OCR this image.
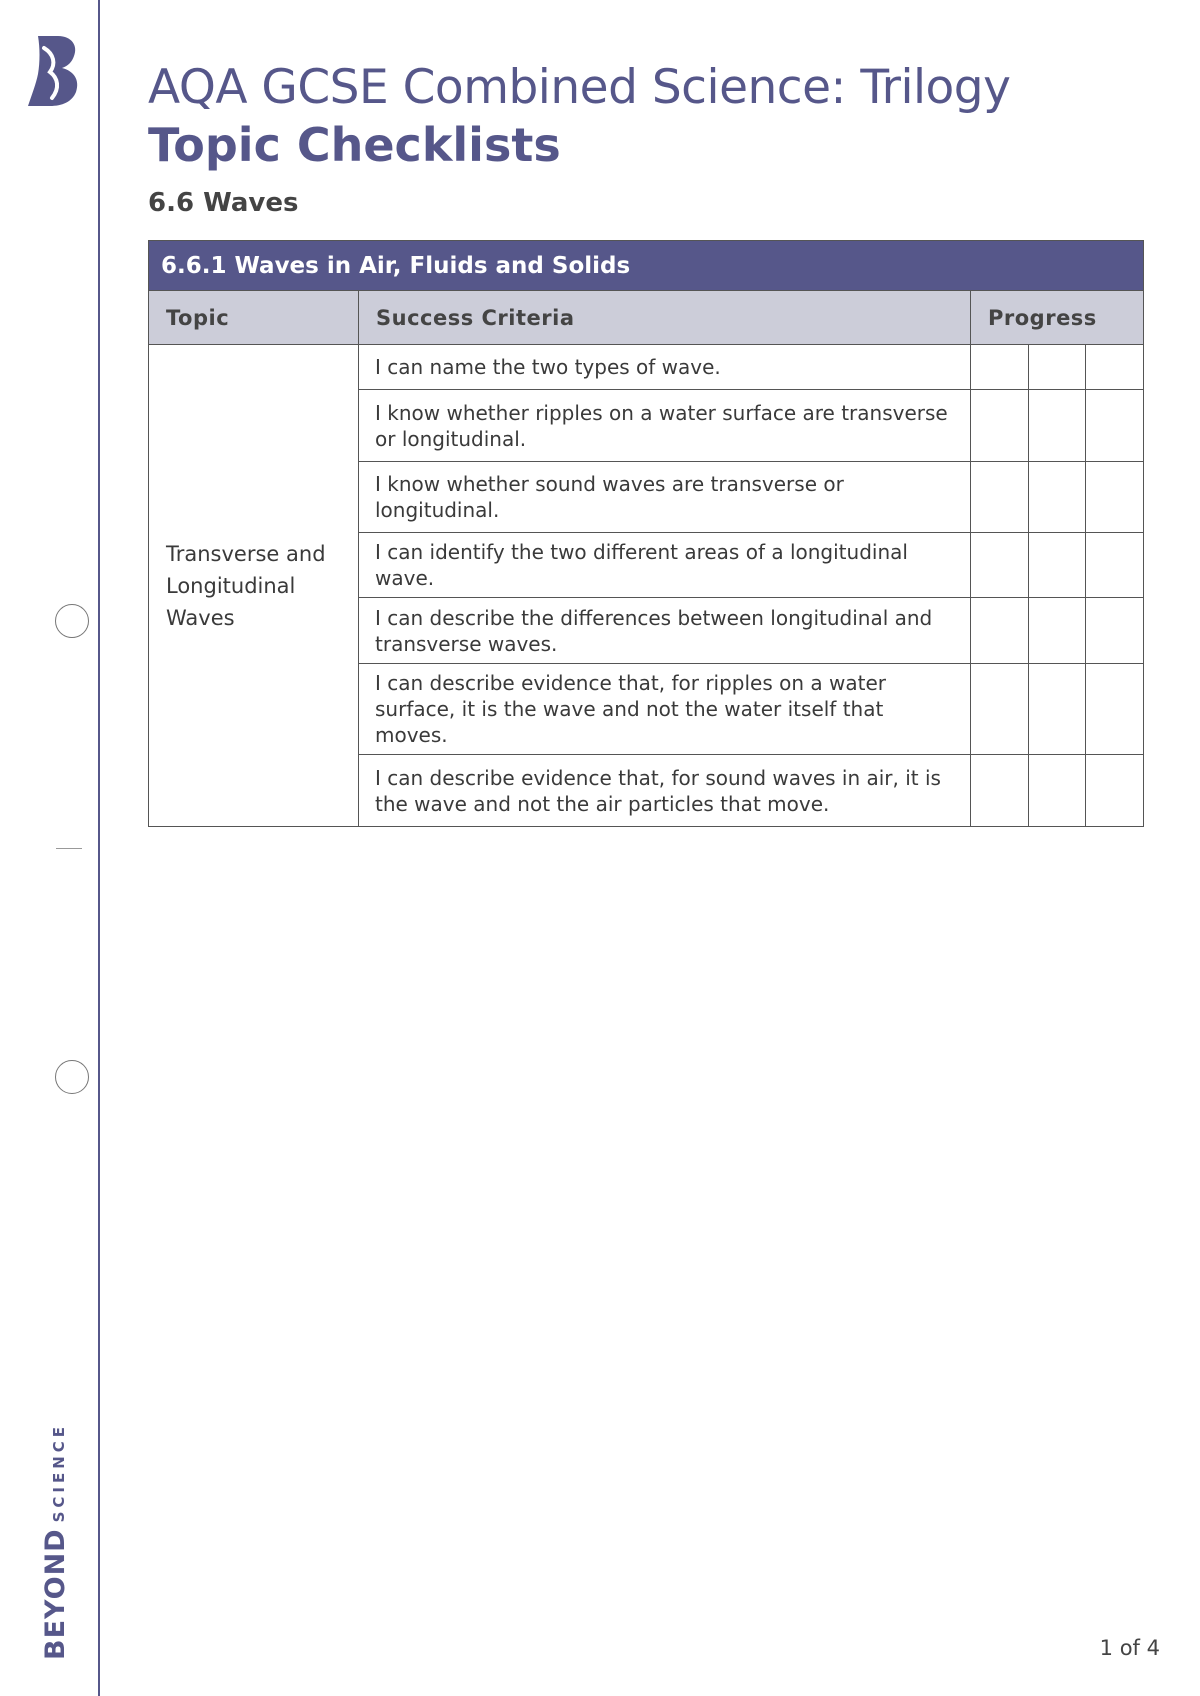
BEYONDSCIENCE
AQA GCSE Combined Science: Trilogy
Topic Checklists
6.6 Waves
6.6.1 Waves in Air, Fluids and Solids				
Topic	Success Criteria	Progress		
Transverse and Longitudinal Waves	I can name the two types of wave.			
	I know whether ripples on a water surface are transverse or longitudinal.			
	I know whether sound waves are transverse or longitudinal.			
	I can identify the two different areas of a longitudinal wave.			
	I can describe the differences between longitudinal and transverse waves.			
	I can describe evidence that, for ripples on a water surface, it is the wave and not the water itself that moves.			
	I can describe evidence that, for sound waves in air, it is the wave and not the air particles that move.			
1 of 4
